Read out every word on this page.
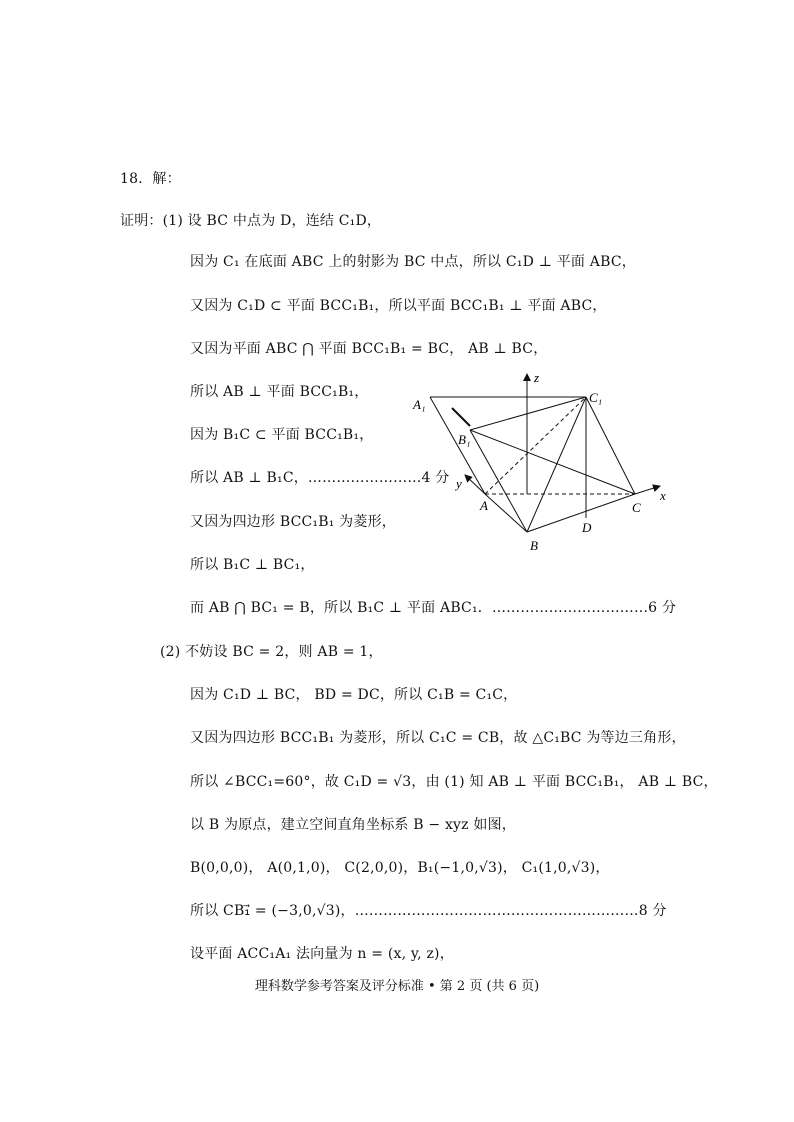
18．解：
证明：(1) 设 BC 中点为 D，连结 C₁D，
因为 C₁ 在底面 ABC 上的射影为 BC 中点，所以 C₁D ⊥ 平面 ABC，
又因为 C₁D ⊂ 平面 BCC₁B₁，所以平面 BCC₁B₁ ⊥ 平面 ABC，
又因为平面 ABC ⋂ 平面 BCC₁B₁ = BC， AB ⊥ BC，
所以 AB ⊥ 平面 BCC₁B₁，
因为 B₁C ⊂ 平面 BCC₁B₁，
所以 AB ⊥ B₁C，……………………4 分
又因为四边形 BCC₁B₁ 为菱形，
所以 B₁C ⊥ BC₁，
而 AB ⋂ BC₁ = B，所以 B₁C ⊥ 平面 ABC₁．……………………………6 分
(2) 不妨设 BC = 2，则 AB = 1，
因为 C₁D ⊥ BC， BD = DC，所以 C₁B = C₁C，
又因为四边形 BCC₁B₁ 为菱形，所以 C₁C = CB，故 △C₁BC 为等边三角形，
所以 ∠BCC₁=60°，故 C₁D = √3，由 (1) 知 AB ⊥ 平面 BCC₁B₁， AB ⊥ BC，
以 B 为原点，建立空间直角坐标系 B − xyz 如图，
B(0,0,0)， A(0,1,0)， C(2,0,0)，B₁(−1,0,√3)， C₁(1,0,√3)，
所以 CB₁⃗ = (−3,0,√3)，……………………………………………………8 分
设平面 ACC₁A₁ 法向量为 n = (x, y, z)，
A₁
B₁
C₁
z
y
x
A	C
D
B
理科数学参考答案及评分标准 • 第 2 页 (共 6 页)
